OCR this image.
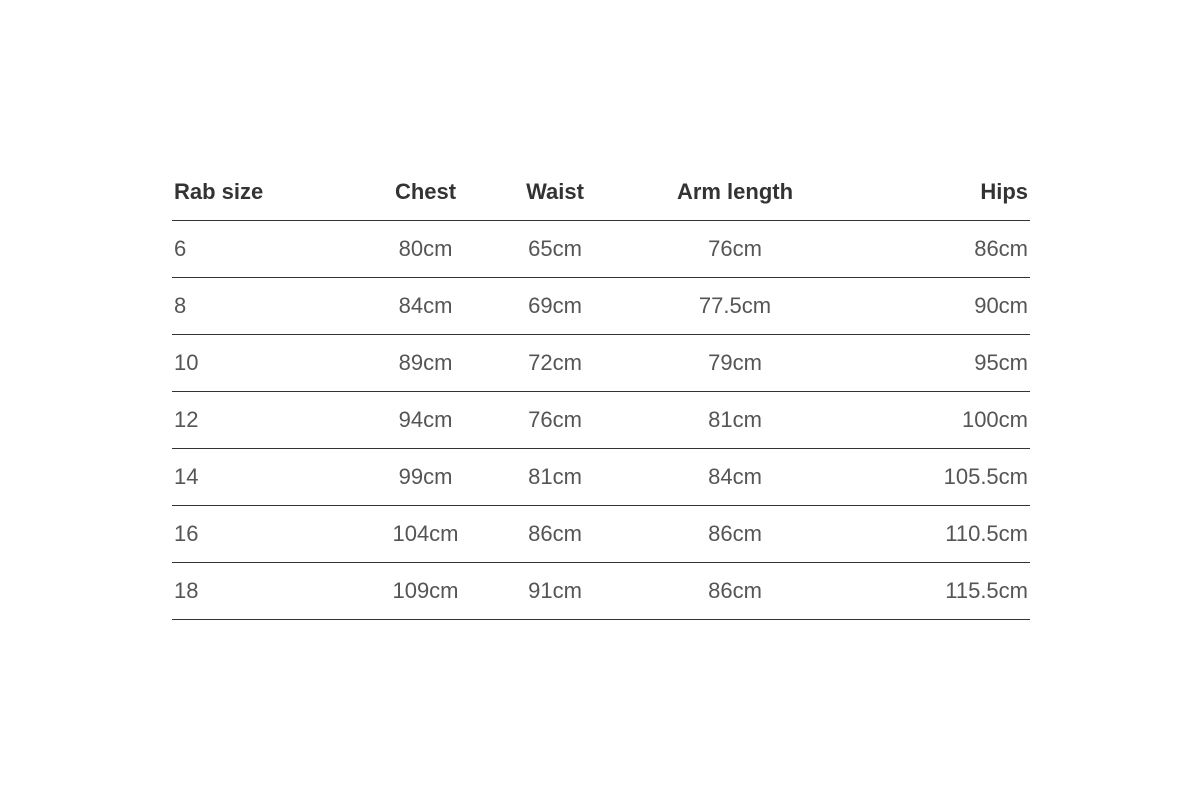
Rab size	Chest	Waist	Arm length	Hips
6	80cm	65cm	76cm	86cm
8	84cm	69cm	77.5cm	90cm
10	89cm	72cm	79cm	95cm
12	94cm	76cm	81cm	100cm
14	99cm	81cm	84cm	105.5cm
16	104cm	86cm	86cm	110.5cm
18	109cm	91cm	86cm	115.5cm
